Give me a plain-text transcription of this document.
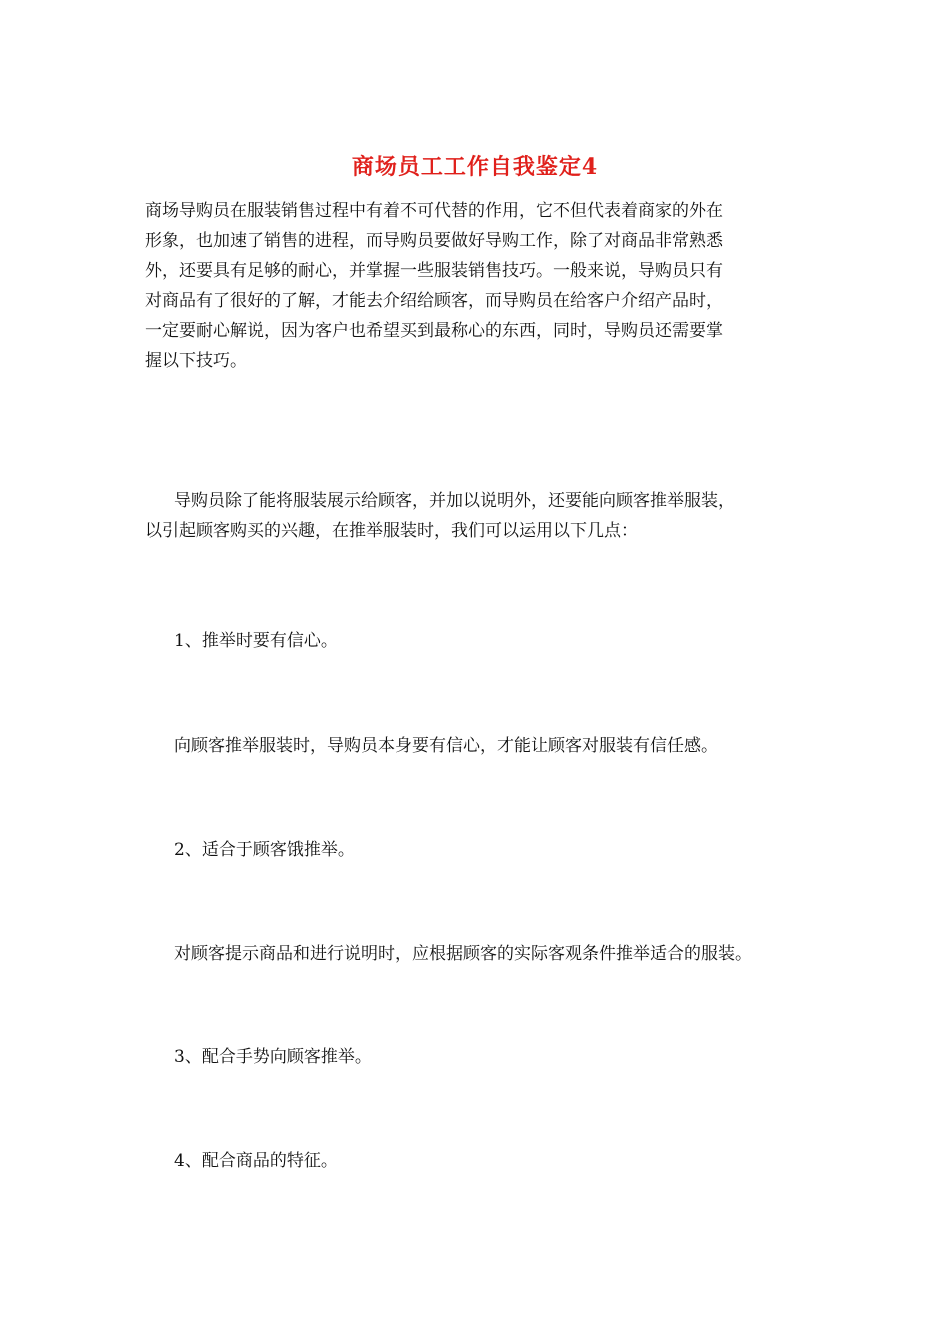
商场员工工作自我鉴定4
商场导购员在服装销售过程中有着不可代替的作用，它不但代表着商家的外在
形象，也加速了销售的进程，而导购员要做好导购工作，除了对商品非常熟悉
外，还要具有足够的耐心，并掌握一些服装销售技巧。一般来说，导购员只有
对商品有了很好的了解，才能去介绍给顾客，而导购员在给客户介绍产品时，
一定要耐心解说，因为客户也希望买到最称心的东西，同时，导购员还需要掌
握以下技巧。
导购员除了能将服装展示给顾客，并加以说明外，还要能向顾客推举服装，
以引起顾客购买的兴趣，在推举服装时，我们可以运用以下几点：
1、推举时要有信心。
向顾客推举服装时，导购员本身要有信心，才能让顾客对服装有信任感。
2、适合于顾客饿推举。
对顾客提示商品和进行说明时，应根据顾客的实际客观条件推举适合的服装。
3、配合手势向顾客推举。
4、配合商品的特征。
